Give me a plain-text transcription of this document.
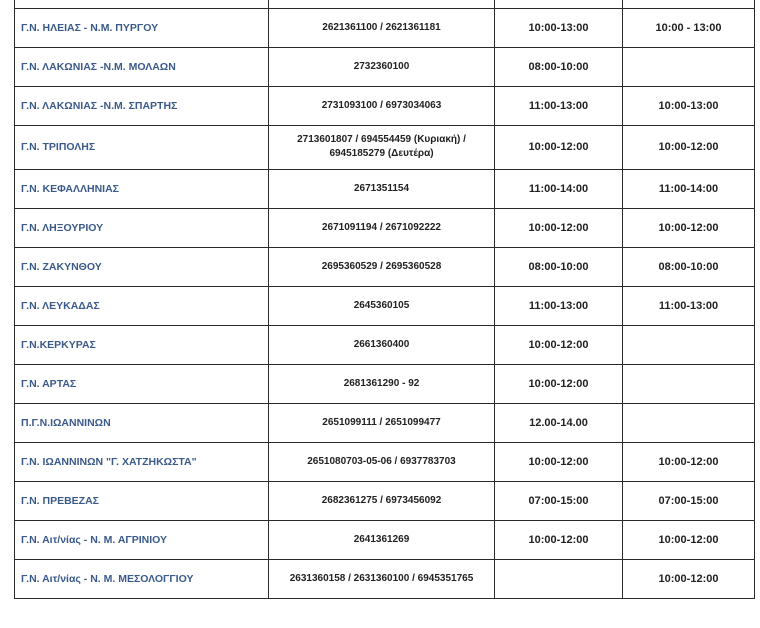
Γ.Ν. ΗΛΕΙΑΣ - Ν.Μ. ΠΥΡΓΟΥ	2621361100 / 2621361181	10:00-13:00	10:00 - 13:00
Γ.Ν. ΛΑΚΩΝΙΑΣ -Ν.Μ. ΜΟΛΑΩΝ	2732360100	08:00-10:00	
Γ.Ν. ΛΑΚΩΝΙΑΣ -Ν.Μ. ΣΠΑΡΤΗΣ	2731093100 / 6973034063	11:00-13:00	10:00-13:00
Γ.Ν. ΤΡΙΠΟΛΗΣ	2713601807 / 694554459 (Κυριακή) / 6945185279 (Δευτέρα)	10:00-12:00	10:00-12:00
Γ.Ν. ΚΕΦΑΛΛΗΝΙΑΣ	2671351154	11:00-14:00	11:00-14:00
Γ.Ν. ΛΗΞΟΥΡΙΟΥ	2671091194 / 2671092222	10:00-12:00	10:00-12:00
Γ.Ν. ΖΑΚΥΝΘΟΥ	2695360529 / 2695360528	08:00-10:00	08:00-10:00
Γ.Ν. ΛΕΥΚΑΔΑΣ	2645360105	11:00-13:00	11:00-13:00
Γ.Ν.ΚΕΡΚΥΡΑΣ	2661360400	10:00-12:00	
Γ.Ν. ΑΡΤΑΣ	2681361290 - 92	10:00-12:00	
Π.Γ.Ν.ΙΩΑΝΝΙΝΩΝ	2651099111 / 2651099477	12.00-14.00	
Γ.Ν. ΙΩΑΝΝΙΝΩΝ "Γ. ΧΑΤΖΗΚΩΣΤΑ"	2651080703-05-06 / 6937783703	10:00-12:00	10:00-12:00
Γ.Ν. ΠΡΕΒΕΖΑΣ	2682361275 / 6973456092	07:00-15:00	07:00-15:00
Γ.Ν. Αιτ/νίας - Ν. Μ. ΑΓΡΙΝΙΟΥ	2641361269	10:00-12:00	10:00-12:00
Γ.Ν. Αιτ/νίας - Ν. Μ. ΜΕΣΟΛΟΓΓΙΟΥ	2631360158 / 2631360100 / 6945351765		10:00-12:00
